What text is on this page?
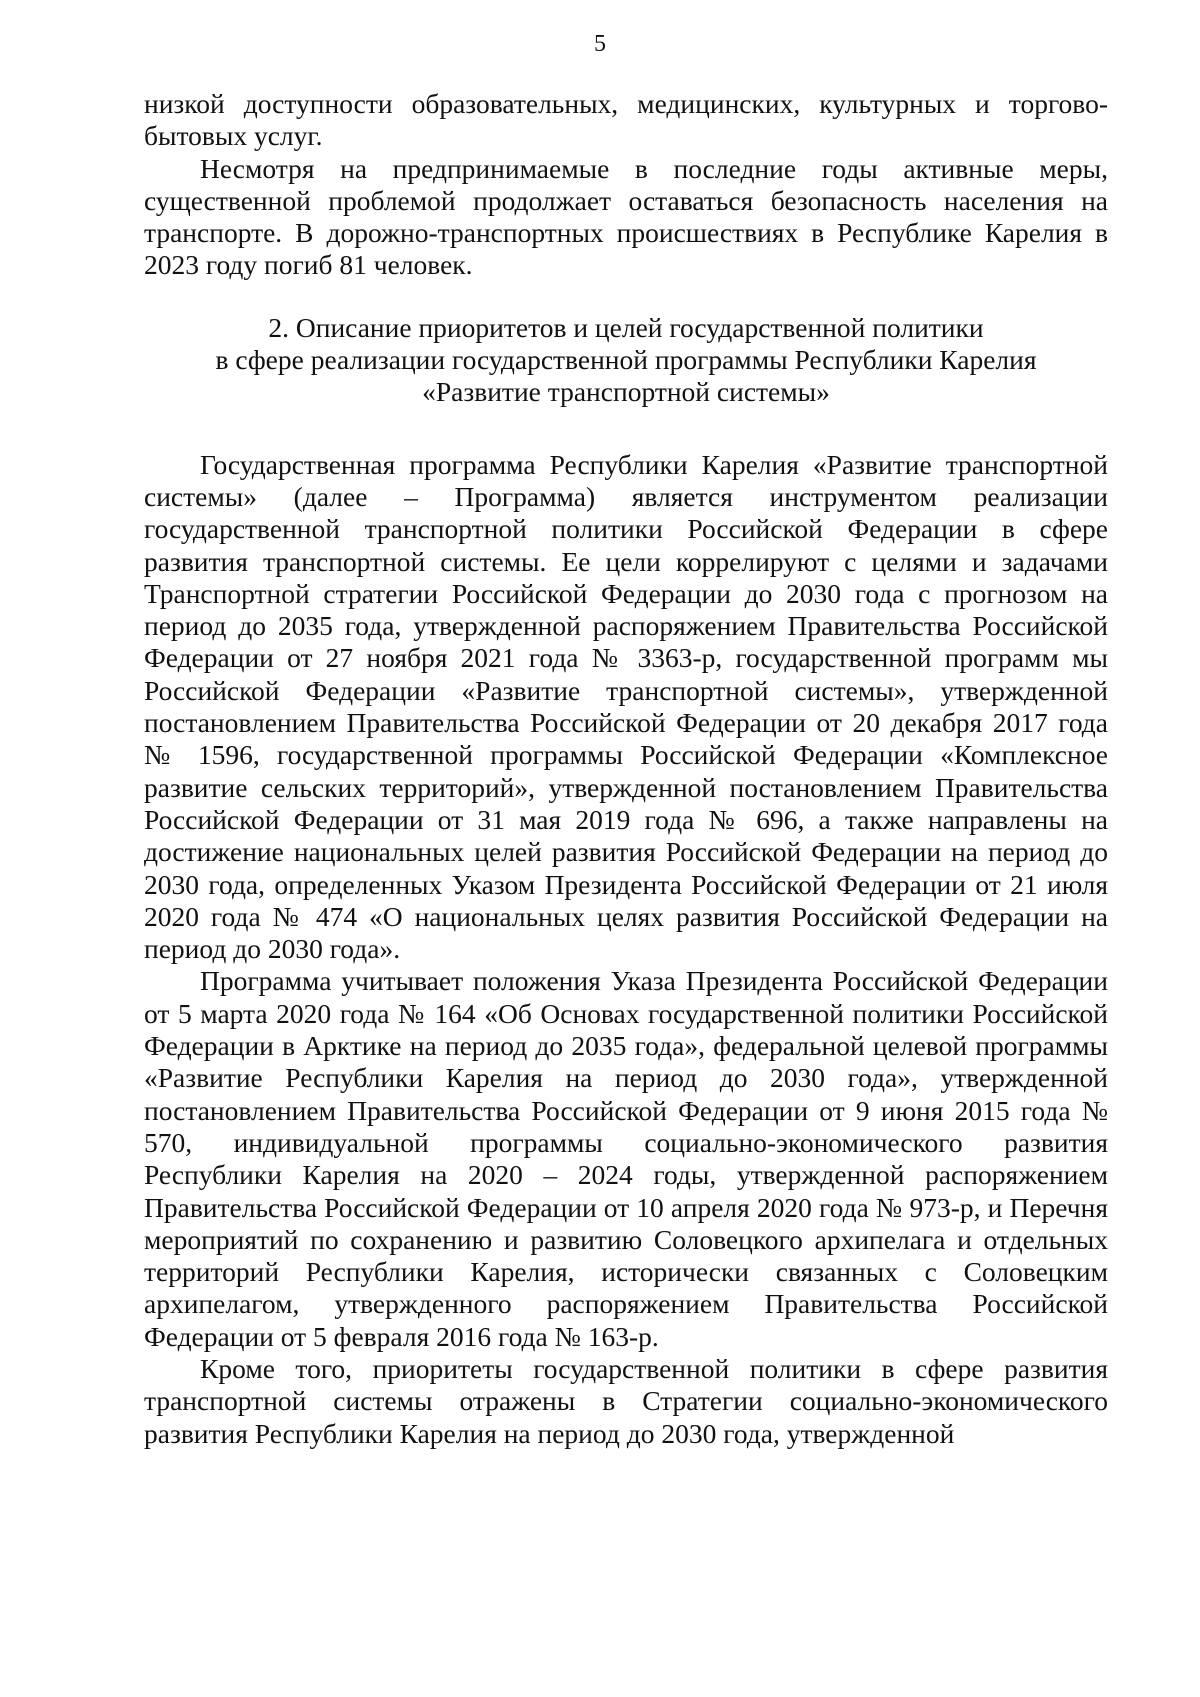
5

низкой доступности образовательных, медицинских, культурных и торгово-бытовых услуг.

Несмотря на предпринимаемые в последние годы активные меры, существенной проблемой продолжает оставаться безопасность населения на транспорте. В дорожно-транспортных происшествиях в Республике Карелия в 2023 году погиб 81 человек.

2. Описание приоритетов и целей государственной политики
в сфере реализации государственной программы Республики Карелия
«Развитие транспортной системы»

Государственная программа Республики Карелия «Развитие транспортной системы» (далее – Программа) является инструментом реализации государственной транспортной политики Российской Федерации в сфере развития транспортной системы. Ее цели коррелируют с целями и задачами Транспортной стратегии Российской Федерации до 2030 года с прогнозом на период до 2035 года, утвержденной распоряжением Правительства Российской Федерации от 27 ноября 2021 года № 3363-р, государственной программ мы Российской Федерации «Развитие транспортной системы», утвержденной постановлением Правительства Российской Федерации от 20 декабря 2017 года № 1596, государственной программы Российской Федерации «Комплексное развитие сельских территорий», утвержденной постановлением Правительства Российской Федерации от 31 мая 2019 года № 696, а также направлены на достижение национальных целей развития Российской Федерации на период до 2030 года, определенных Указом Президента Российской Федерации от 21 июля 2020 года № 474 «О национальных целях развития Российской Федерации на период до 2030 года».

Программа учитывает положения Указа Президента Российской Федерации от 5 марта 2020 года № 164 «Об Основах государственной политики Российской Федерации в Арктике на период до 2035 года», федеральной целевой программы «Развитие Республики Карелия на период до 2030 года», утвержденной постановлением Правительства Российской Федерации от 9 июня 2015 года № 570, индивидуальной программы социально-экономического развития Республики Карелия на 2020 – 2024 годы, утвержденной распоряжением Правительства Российской Федерации от 10 апреля 2020 года № 973-р, и Перечня мероприятий по сохранению и развитию Соловецкого архипелага и отдельных территорий Республики Карелия, исторически связанных с Соловецким архипелагом, утвержденного распоряжением Правительства Российской Федерации от 5 февраля 2016 года № 163-р.

Кроме того, приоритеты государственной политики в сфере развития транспортной системы отражены в Стратегии социально-экономического развития Республики Карелия на период до 2030 года, утвержденной
